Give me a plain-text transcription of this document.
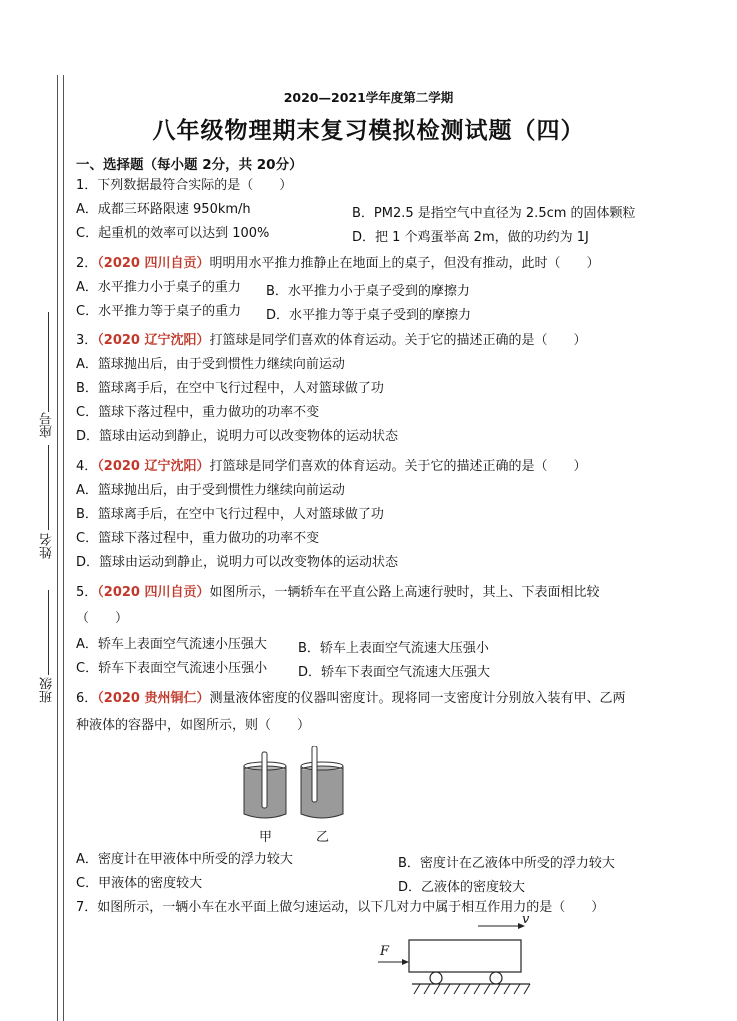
座号
姓名
班级
2020—2021学年度第二学期
八年级物理期末复习模拟检测试题（四）
一、选择题（每小题 2分，共 20分）
1．下列数据最符合实际的是（　　）
A．成都三环路限速 950km/h	B．PM2.5 是指空气中直径为 2.5cm 的固体颗粒
C．起重机的效率可以达到 100%	D．把 1 个鸡蛋举高 2m，做的功约为 1J
2．（2020 四川自贡）明明用水平推力推静止在地面上的桌子，但没有推动，此时（　　）
A．水平推力小于桌子的重力 B．水平推力小于桌子受到的摩擦力
C．水平推力等于桌子的重力 D．水平推力等于桌子受到的摩擦力
3．（2020 辽宁沈阳）打篮球是同学们喜欢的体育运动。关于它的描述正确的是（　　）
A．篮球抛出后，由于受到惯性力继续向前运动
B．篮球离手后，在空中飞行过程中，人对篮球做了功
C．篮球下落过程中，重力做功的功率不变
D．篮球由运动到静止，说明力可以改变物体的运动状态
4．（2020 辽宁沈阳）打篮球是同学们喜欢的体育运动。关于它的描述正确的是（　　）
A．篮球抛出后，由于受到惯性力继续向前运动
B．篮球离手后，在空中飞行过程中，人对篮球做了功
C．篮球下落过程中，重力做功的功率不变
D．篮球由运动到静止，说明力可以改变物体的运动状态
5．（2020 四川自贡）如图所示，一辆轿车在平直公路上高速行驶时，其上、下表面相比较
（　　）
A．轿车上表面空气流速小压强大 B．轿车上表面空气流速大压强小
C．轿车下表面空气流速小压强小 D．轿车下表面空气流速大压强大
6．（2020 贵州铜仁）测量液体密度的仪器叫密度计。现将同一支密度计分别放入装有甲、乙两
种液体的容器中，如图所示，则（　　）
甲	乙
A．密度计在甲液体中所受的浮力较大	B．密度计在乙液体中所受的浮力较大
C．甲液体的密度较大	D．乙液体的密度较大
7．如图所示，一辆小车在水平面上做匀速运动，以下几对力中属于相互作用力的是（　　）
F
v
